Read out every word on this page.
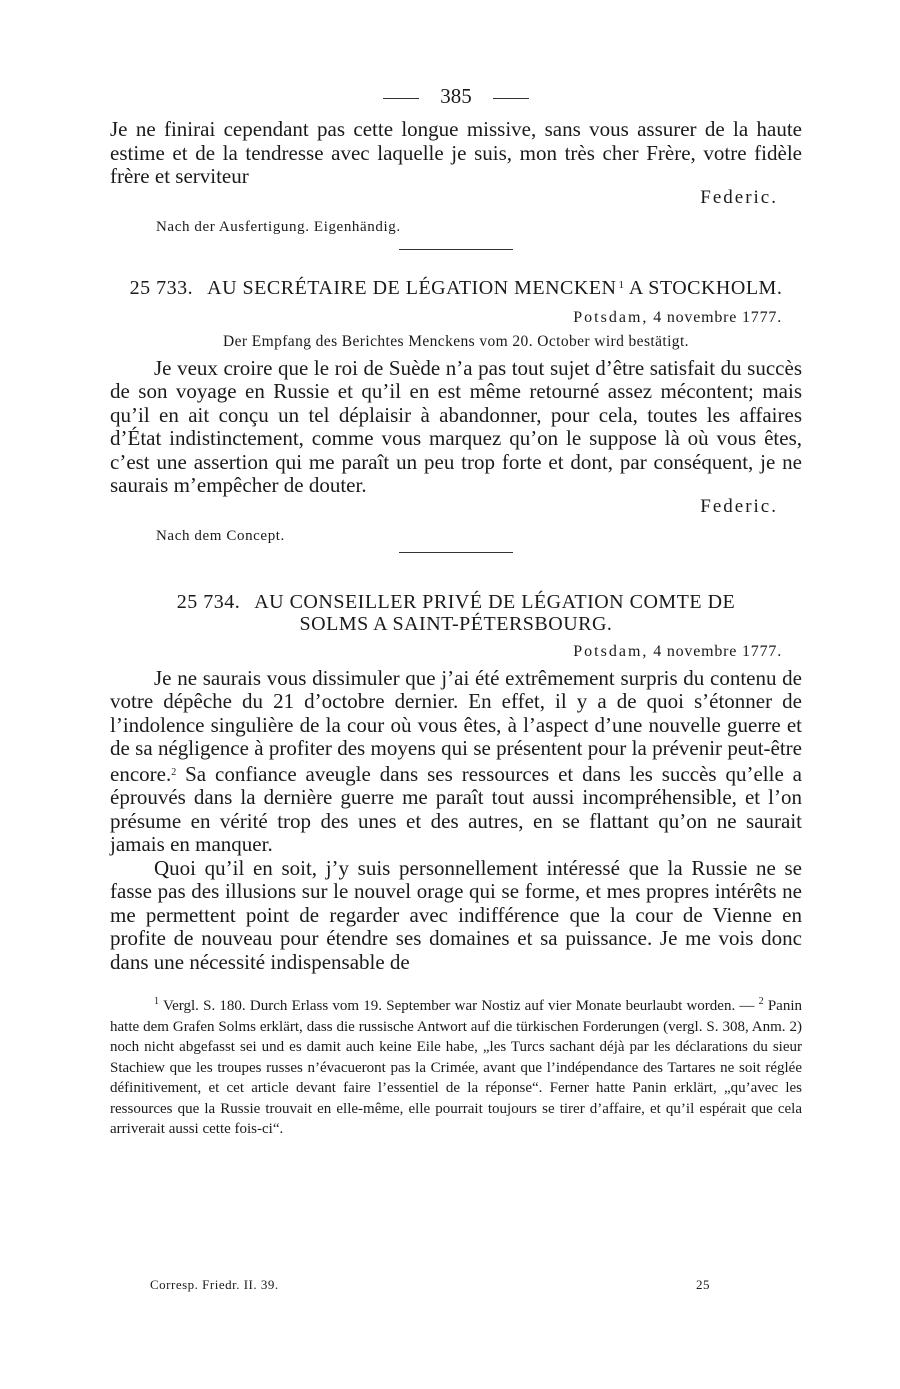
385

Je ne finirai cependant pas cette longue missive, sans vous assurer de la haute estime et de la tendresse avec laquelle je suis, mon très cher Frère, votre fidèle frère et serviteur

Federic.
Nach der Ausfertigung. Eigenhändig.
25 733. AU SECRÉTAIRE DE LÉGATION MENCKEN $^1$ A STOCKHOLM.
Potsdam, 4 novembre 1777.
Der Empfang des Berichtes Menckens vom 20. October wird bestätigt.

Je veux croire que le roi de Suède n’a pas tout sujet d’être satisfait du succès de son voyage en Russie et qu’il en est même retourné assez mécontent; mais qu’il en ait conçu un tel déplaisir à abandonner, pour cela, toutes les affaires d’État indistinctement, comme vous marquez qu’on le suppose là où vous êtes, c’est une assertion qui me paraît un peu trop forte et dont, par conséquent, je ne saurais m’empêcher de douter.

Federic.
Nach dem Concept.
25 734. AU CONSEILLER PRIVÉ DE LÉGATION COMTE DE
SOLMS A SAINT-PÉTERSBOURG.
Potsdam, 4 novembre 1777.

Je ne saurais vous dissimuler que j’ai été extrêmement surpris du contenu de votre dépêche du 21 d’octobre dernier. En effet, il y a de quoi s’étonner de l’indolence singulière de la cour où vous êtes, à l’aspect d’une nouvelle guerre et de sa négligence à profiter des moyens qui se présentent pour la prévenir peut-être encore.$^2$ Sa confiance aveugle dans ses ressources et dans les succès qu’elle a éprouvés dans la dernière guerre me paraît tout aussi incompréhensible, et l’on présume en vérité trop des unes et des autres, en se flattant qu’on ne saurait jamais en manquer.

Quoi qu’il en soit, j’y suis personnellement intéressé que la Russie ne se fasse pas des illusions sur le nouvel orage qui se forme, et mes propres intérêts ne me permettent point de regarder avec indifférence que la cour de Vienne en profite de nouveau pour étendre ses domaines et sa puissance. Je me vois donc dans une nécessité indispensable de

$^1$ Vergl. S. 180. Durch Erlass vom 19. September war Nostiz auf vier Monate beurlaubt worden. — $^2$ Panin hatte dem Grafen Solms erklärt, dass die russische Antwort auf die türkischen Forderungen (vergl. S. 308, Anm. 2) noch nicht abgefasst sei und es damit auch keine Eile habe, „les Turcs sachant déjà par les déclarations du sieur Stachiew que les troupes russes n’évacueront pas la Crimée, avant que l’indépendance des Tartares ne soit réglée définitivement, et cet article devant faire l’essentiel de la réponse“. Ferner hatte Panin erklärt, „qu’avec les ressources que la Russie trouvait en elle-même, elle pourrait toujours se tirer d’affaire, et qu’il espérait que cela arriverait aussi cette fois-ci“.

Corresp. Friedr. II. 39.	25
